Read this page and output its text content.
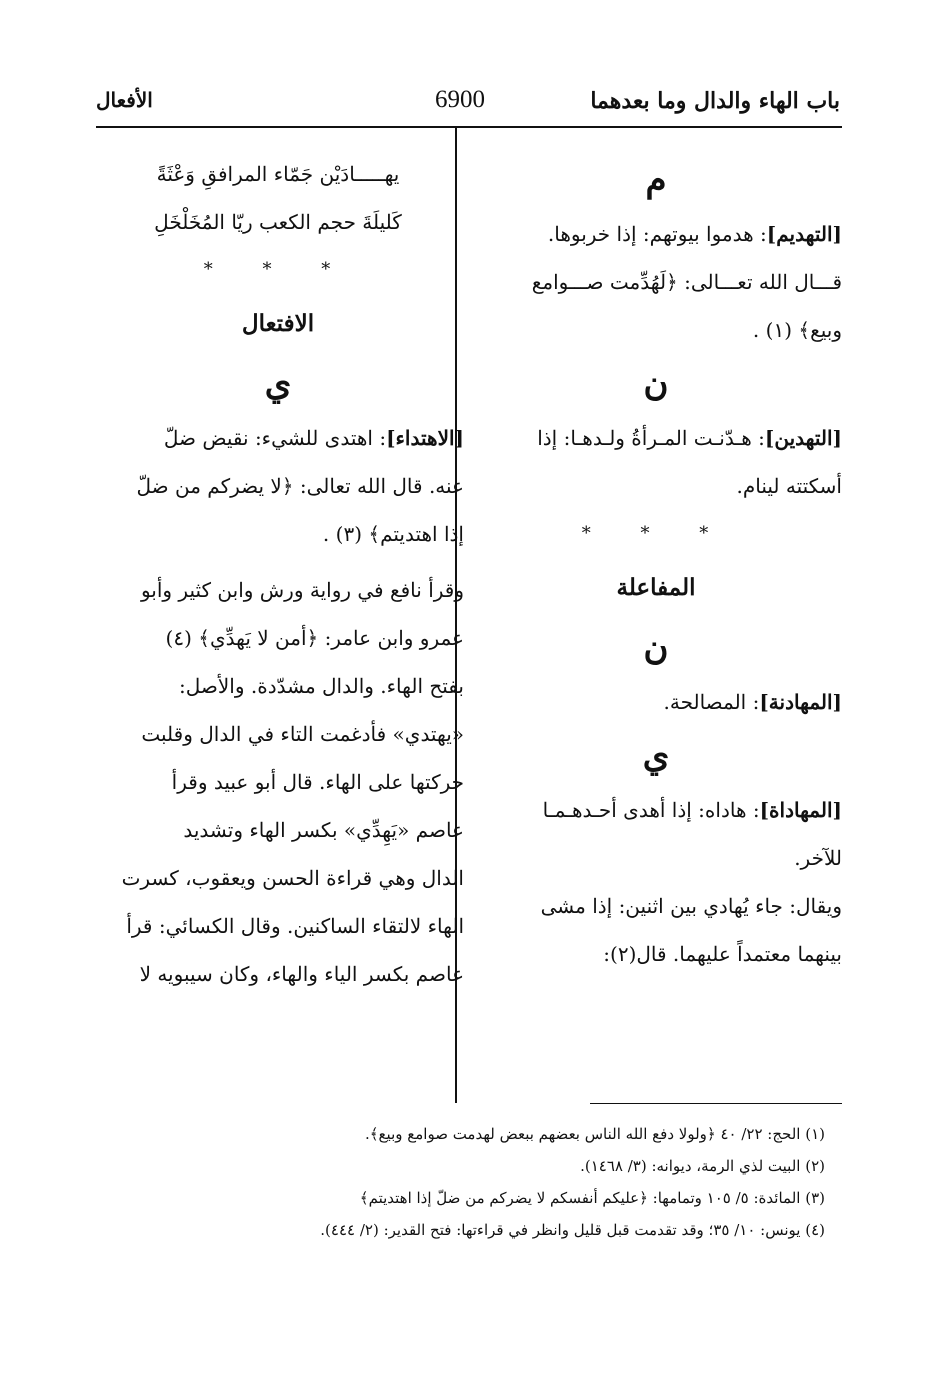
باب الهاء والدال وما بعدهما
6900
الأفعال
م
[التهديم]: هدموا بيوتهم: إذا خربوها.
قـــال الله تعـــالى: ﴿لَهُدِّمت صـــوامع
وبيع﴾ (١) .
ن
[التهدين]: هـدّنـت المـرأةُ ولـدهـا: إذا
أسكتته لينام.
* * *
المفاعلة
ن
[المهادنة]: المصالحة.
ي
[المهاداة]: هاداه: إذا أهدى أحـدهـمـا
للآخر.
ويقال: جاء يُهادي بين اثنين: إذا مشى
بينهما معتمداً عليهما. قال(٢):
يهـــــادَيْن جَمّاء المرافقِ وَعْثَةً
كَليلَةَ حجم الكعب ريّا المُخَلْخَلِ
* * *
الافتعال
ي
[الاهتداء]: اهتدى للشيء: نقيض ضلّ
عنه. قال الله تعالى: ﴿لا يضركم من ضلّ
إذا اهتديتم﴾ (٣) .
وقرأ نافع في رواية ورش وابن كثير وأبو
عمرو وابن عامر: ﴿أمن لا يَهدِّي﴾ (٤)
بفتح الهاء. والدال مشدّدة. والأصل:
«يهتدي» فأدغمت التاء في الدال وقلبت
حركتها على الهاء. قال أبو عبيد وقرأ
عاصم «يَهِدِّي» بكسر الهاء وتشديد
الدال وهي قراءة الحسن ويعقوب، كسرت
الهاء لالتقاء الساكنين. وقال الكسائي: قرأ
عاصم بكسر الياء والهاء، وكان سيبويه لا
(١) الحج: ٢٢/ ٤٠ ﴿ولولا دفع الله الناس بعضهم ببعض لهدمت صوامع وبيع﴾.
(٢) البيت لذي الرمة، ديوانه: (٣/ ١٤٦٨).
(٣) المائدة: ٥/ ١٠٥ وتمامها: ﴿عليكم أنفسكم لا يضركم من ضلّ إذا اهتديتم﴾
(٤) يونس: ١٠/ ٣٥؛ وقد تقدمت قبل قليل وانظر في قراءتها: فتح القدير: (٢/ ٤٤٤).
